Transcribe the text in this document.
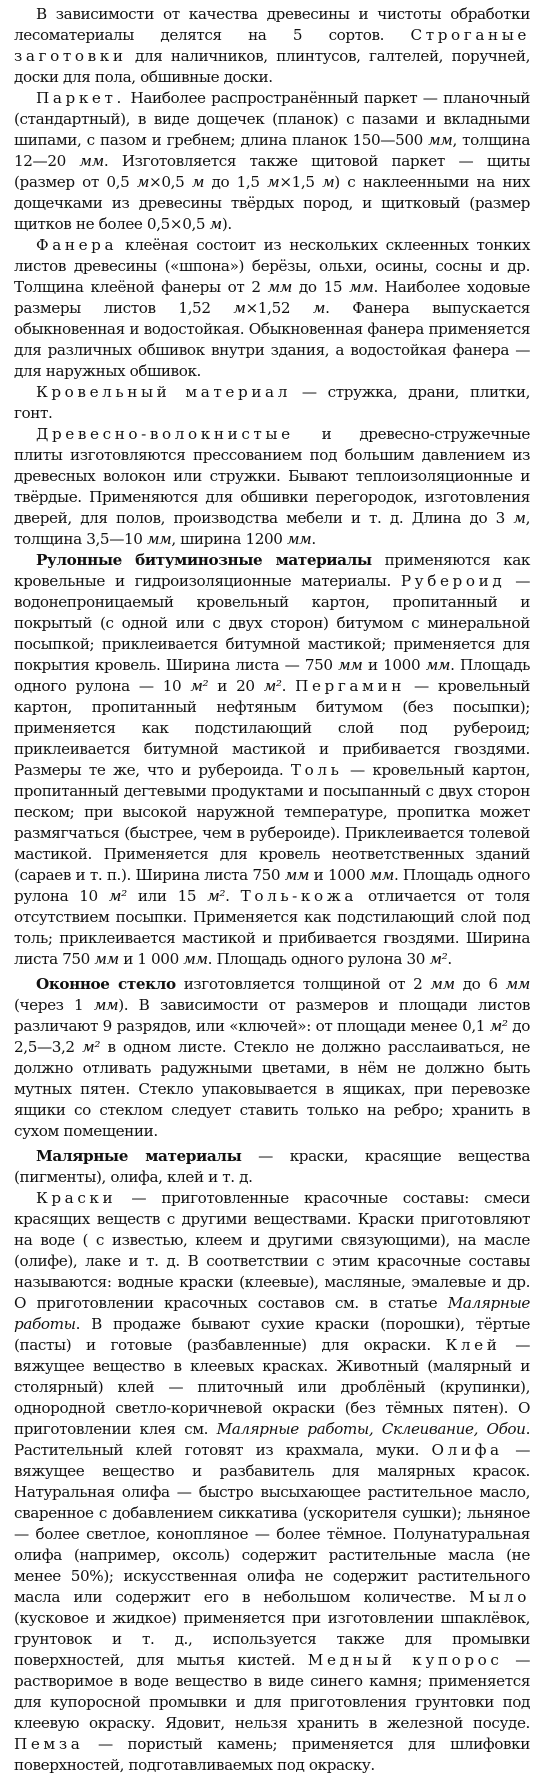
В зависимости от качества древесины и чистоты обработки лесоматериалы делятся на 5 сортов. Строганые заготовки для наличников, плинтусов, галтелей, поручней, доски для пола, обшивные доски.

Паркет. Наиболее распространённый паркет — планочный (стандартный), в виде дощечек (планок) с пазами и вкладными шипами, с пазом и гребнем; длина планок 150—500 мм, толщина 12—20 мм. Изготовляется также щитовой паркет — щиты (размер от 0,5 м×0,5 м до 1,5 м×1,5 м) с наклеенными на них дощечками из древесины твёрдых пород, и щитковый (размер щитков не более 0,5×0,5 м).

Фанера клеёная состоит из нескольких склеенных тонких листов древесины («шпона») берёзы, ольхи, осины, сосны и др. Толщина клеёной фанеры от 2 мм до 15 мм. Наиболее ходовые размеры листов 1,52 м×1,52 м. Фанера выпускается обыкновенная и водостойкая. Обыкновенная фанера применяется для различных обшивок внутри здания, а водостойкая фанера — для наружных обшивок.

Кровельный материал — стружка, драни, плитки, гонт.

Древесно-волокнистые и древесно-стружечные плиты изготовляются прессованием под большим давлением из древесных волокон или стружки. Бывают теплоизоляционные и твёрдые. Применяются для обшивки перегородок, изготовления дверей, для полов, производства мебели и т. д. Длина до 3 м, толщина 3,5—10 мм, ширина 1200 мм.

Рулонные битуминозные материалы применяются как кровельные и гидроизоляционные материалы. Рубероид — водонепроницаемый кровельный картон, пропитанный и покрытый (с одной или с двух сторон) битумом с минеральной посыпкой; приклеивается битумной мастикой; применяется для покрытия кровель. Ширина листа — 750 мм и 1000 мм. Площадь одного рулона — 10 м² и 20 м². Пергамин — кровельный картон, пропитанный нефтяным битумом (без посыпки); применяется как подстилающий слой под рубероид; приклеивается битумной мастикой и прибивается гвоздями. Размеры те же, что и рубероида. Толь — кровельный картон, пропитанный дегтевыми продуктами и посыпанный с двух сторон песком; при высокой наружной температуре, пропитка может размягчаться (быстрее, чем в рубероиде). Приклеивается толевой мастикой. Применяется для кровель неответственных зданий (сараев и т. п.). Ширина листа 750 мм и 1000 мм. Площадь одного рулона 10 м² или 15 м². Толь-кожа отличается от толя отсутствием посыпки. Применяется как подстилающий слой под толь; приклеивается мастикой и прибивается гвоздями. Ширина листа 750 мм и 1 000 мм. Площадь одного рулона 30 м².

Оконное стекло изготовляется толщиной от 2 мм до 6 мм (через 1 мм). В зависимости от размеров и площади листов различают 9 разрядов, или «ключей»: от площади менее 0,1 м² до 2,5—3,2 м² в одном листе. Стекло не должно расслаиваться, не должно отливать радужными цветами, в нём не должно быть мутных пятен. Стекло упаковывается в ящиках, при перевозке ящики со стеклом следует ставить только на ребро; хранить в сухом помещении.

Малярные материалы — краски, красящие вещества (пигменты), олифа, клей и т. д.

Краски — приготовленные красочные составы: смеси красящих веществ с другими веществами. Краски приготовляют на воде ( с известью, клеем и другими связующими), на масле (олифе), лаке и т. д. В соответствии с этим красочные составы называются: водные краски (клеевые), масляные, эмалевые и др. О приготовлении красочных составов см. в статье Малярные работы. В продаже бывают сухие краски (порошки), тёртые (пасты) и готовые (разбавленные) для окраски. Клей — вяжущее вещество в клеевых красках. Животный (малярный и столярный) клей — плиточный или дроблёный (крупинки), однородной светло-коричневой окраски (без тёмных пятен). О приготовлении клея см. Малярные работы, Склеивание, Обои. Растительный клей готовят из крахмала, муки. Олифа — вяжущее вещество и разбавитель для малярных красок. Натуральная олифа — быстро высыхающее растительное масло, сваренное с добавлением сиккатива (ускорителя сушки); льняное — более светлое, конопляное — более тёмное. Полунатуральная олифа (например, оксоль) содержит растительные масла (не менее 50%); искусственная олифа не содержит растительного масла или содержит его в небольшом количестве. Мыло (кусковое и жидкое) применяется при изготовлении шпаклёвок, грунтовок и т. д., используется также для промывки поверхностей, для мытья кистей. Медный купорос — растворимое в воде вещество в виде синего камня; применяется для купоросной промывки и для приготовления грунтовки под клеевую окраску. Ядовит, нельзя хранить в железной посуде. Пемза — пористый камень; применяется для шлифовки поверхностей, подготавливаемых под окраску.
